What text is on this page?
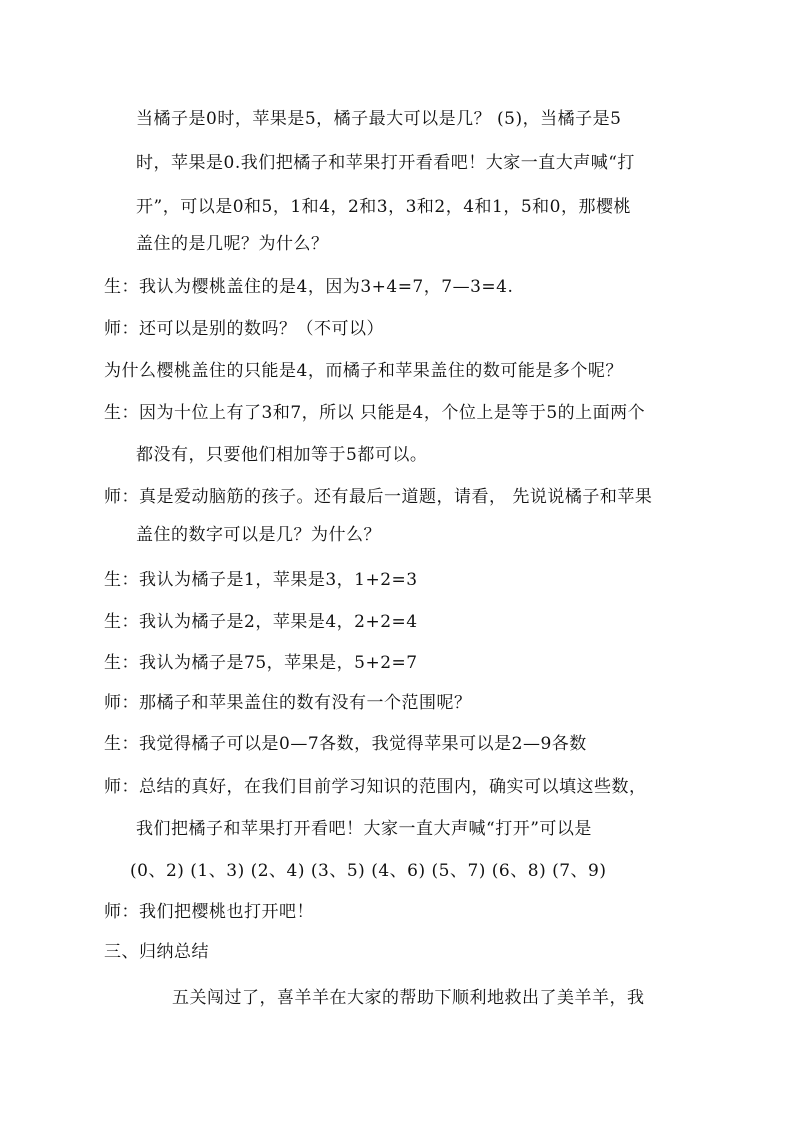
当橘子是0时，苹果是5，橘子最大可以是几？ (5)，当橘子是5
时，苹果是0.我们把橘子和苹果打开看看吧！大家一直大声喊“打
开”，可以是0和5，1和4，2和3，3和2，4和1，5和0，那樱桃
盖住的是几呢？为什么？
生：我认为樱桃盖住的是4，因为3+4=7，7—3=4.
师：还可以是别的数吗？（不可以）
为什么樱桃盖住的只能是4，而橘子和苹果盖住的数可能是多个呢？
生：因为十位上有了3和7，所以 只能是4，个位上是等于5的上面两个
都没有，只要他们相加等于5都可以。
师：真是爱动脑筋的孩子。还有最后一道题，请看， 先说说橘子和苹果
盖住的数字可以是几？为什么？
生：我认为橘子是1，苹果是3，1+2=3
生：我认为橘子是2，苹果是4，2+2=4
生：我认为橘子是75，苹果是，5+2=7
师：那橘子和苹果盖住的数有没有一个范围呢？
生：我觉得橘子可以是0—7各数，我觉得苹果可以是2—9各数
师：总结的真好，在我们目前学习知识的范围内，确实可以填这些数，
我们把橘子和苹果打开看吧！大家一直大声喊“打开”可以是
(0、2) (1、3) (2、4) (3、5) (4、6) (5、7) (6、8) (7、9)
师：我们把樱桃也打开吧！
三、归纳总结
五关闯过了，喜羊羊在大家的帮助下顺利地救出了美羊羊，我
